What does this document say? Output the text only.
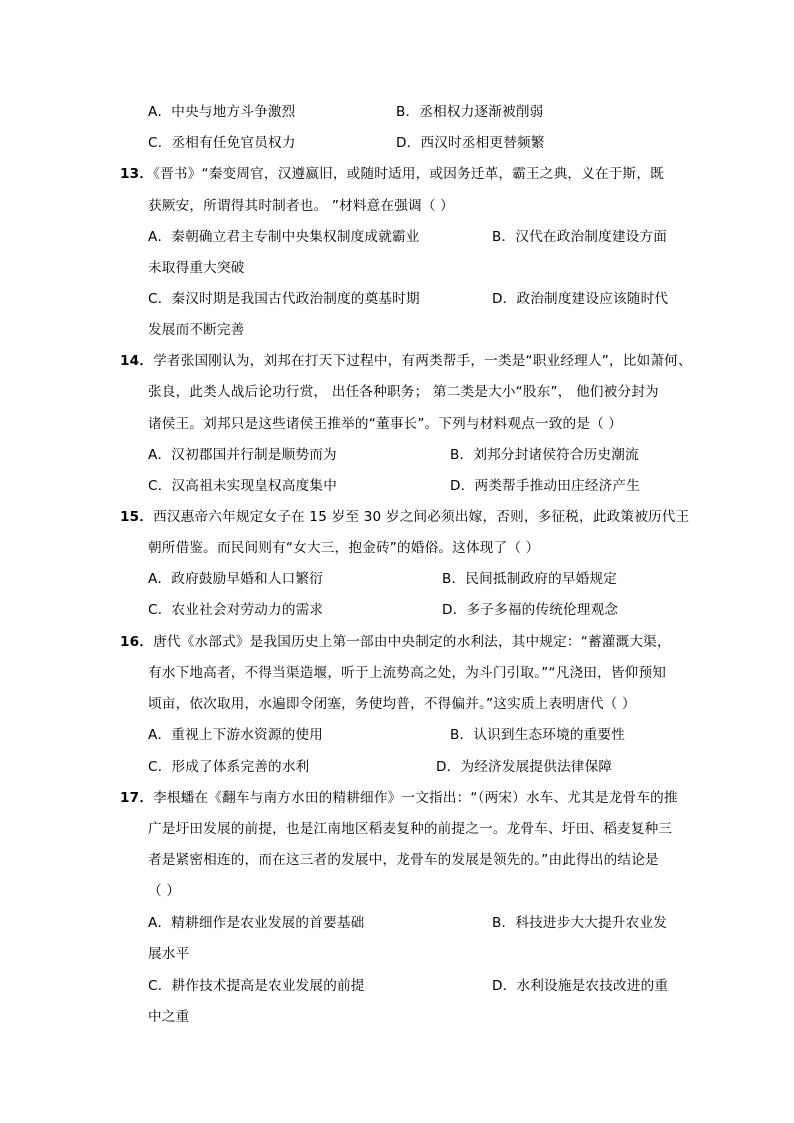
A．中央与地方斗争激烈	B．丞相权力逐渐被削弱
C．丞相有任免官员权力	D．西汉时丞相更替频繁
13．《晋书》“秦变周官，汉遵嬴旧，或随时适用，或因务迁革，霸王之典，义在于斯，既
获厥安，所谓得其时制者也。 ”材料意在强调（ ）
A．秦朝确立君主专制中央集权制度成就霸业	B．汉代在政治制度建设方面
未取得重大突破
C．秦汉时期是我国古代政治制度的奠基时期	D．政治制度建设应该随时代
发展而不断完善
14．学者张国刚认为，刘邦在打天下过程中，有两类帮手，一类是“职业经理人”，比如萧何、
张良，此类人战后论功行赏， 出任各种职务； 第二类是大小“股东”， 他们被分封为
诸侯王。刘邦只是这些诸侯王推举的“董事长”。下列与材料观点一致的是（ ）
A．汉初郡国并行制是顺势而为	B．刘邦分封诸侯符合历史潮流
C．汉高祖未实现皇权高度集中	D．两类帮手推动田庄经济产生
15．西汉惠帝六年规定女子在 15 岁至 30 岁之间必须出嫁，否则，多征税，此政策被历代王
朝所借鉴。而民间则有“女大三，抱金砖”的婚俗。这体现了（ ）
A．政府鼓励早婚和人口繁衍	B．民间抵制政府的早婚规定
C．农业社会对劳动力的需求	D．多子多福的传统伦理观念
16．唐代《水部式》是我国历史上第一部由中央制定的水利法，其中规定：“蓄灌溉大渠，
有水下地高者，不得当渠造堰，听于上流势高之处，为斗门引取。”“凡浇田，皆仰预知
顷亩，依次取用，水遍即令闭塞，务使均普，不得偏并。”这实质上表明唐代（ ）
A．重视上下游水资源的使用	B．认识到生态环境的重要性
C．形成了体系完善的水利	D．为经济发展提供法律保障
17．李根蟠在《翻车与南方水田的精耕细作》一文指出：“（两宋）水车、尤其是龙骨车的推
广是圩田发展的前提，也是江南地区稻麦复种的前提之一。龙骨车、圩田、稻麦复种三
者是紧密相连的，而在这三者的发展中，龙骨车的发展是领先的。”由此得出的结论是
（ ）
A．精耕细作是农业发展的首要基础	B．科技进步大大提升农业发
展水平
C．耕作技术提高是农业发展的前提	D．水利设施是农技改进的重
中之重
